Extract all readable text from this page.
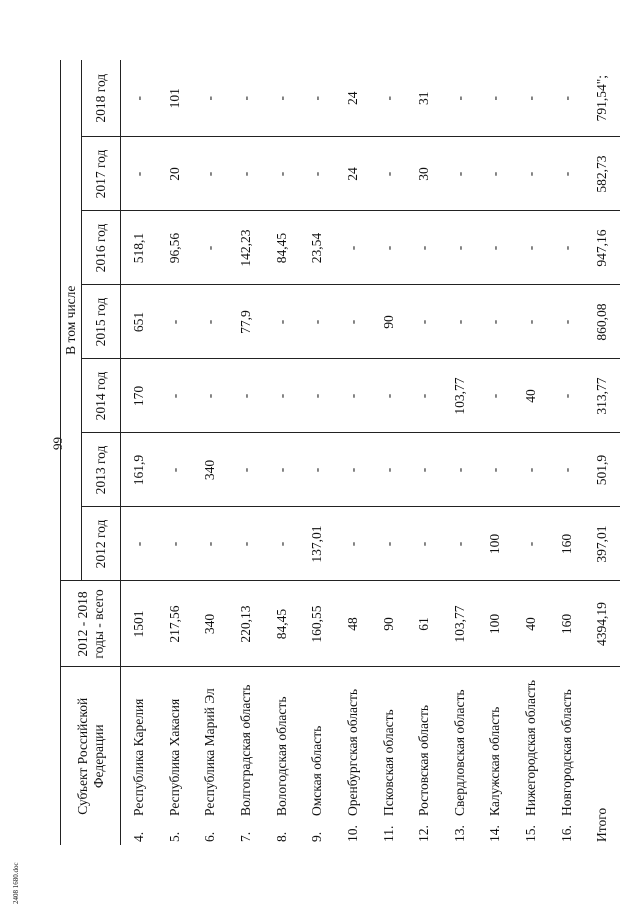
99
Субъект Российской Федерации	2012 - 2018 годы - всего	В том числе						
		2012 год	2013 год	2014 год	2015 год	2016 год	2017 год	2018 год
4.Республика Карелия	1501	-	161,9	170	651	518,1	-	-
5.Республика Хакасия	217,56	-	-	-	-	96,56	20	101
6.Республика Марий Эл	340	-	340	-	-	-	-	-
7.Волгоградская область	220,13	-	-	-	77,9	142,23	-	-
8.Вологодская область	84,45	-	-	-	-	84,45	-	-
9.Омская область	160,55	137,01	-	-	-	23,54	-	-
10.Оренбургская область	48	-	-	-	-	-	24	24
11.Псковская область	90	-	-	-	90	-	-	-
12.Ростовская область	61	-	-	-	-	-	30	31
13.Свердловская область	103,77	-	-	103,77	-	-	-	-
14.Калужская область	100	100	-	-	-	-	-	-
15.Нижегородская область	40	-	-	40	-	-	-	-
16.Новгородская область	160	160	-	-	-	-	-	-
Итого	4394,19	397,01	501,9	313,77	860,08	947,16	582,73	791,54";
2408 1680.doc
